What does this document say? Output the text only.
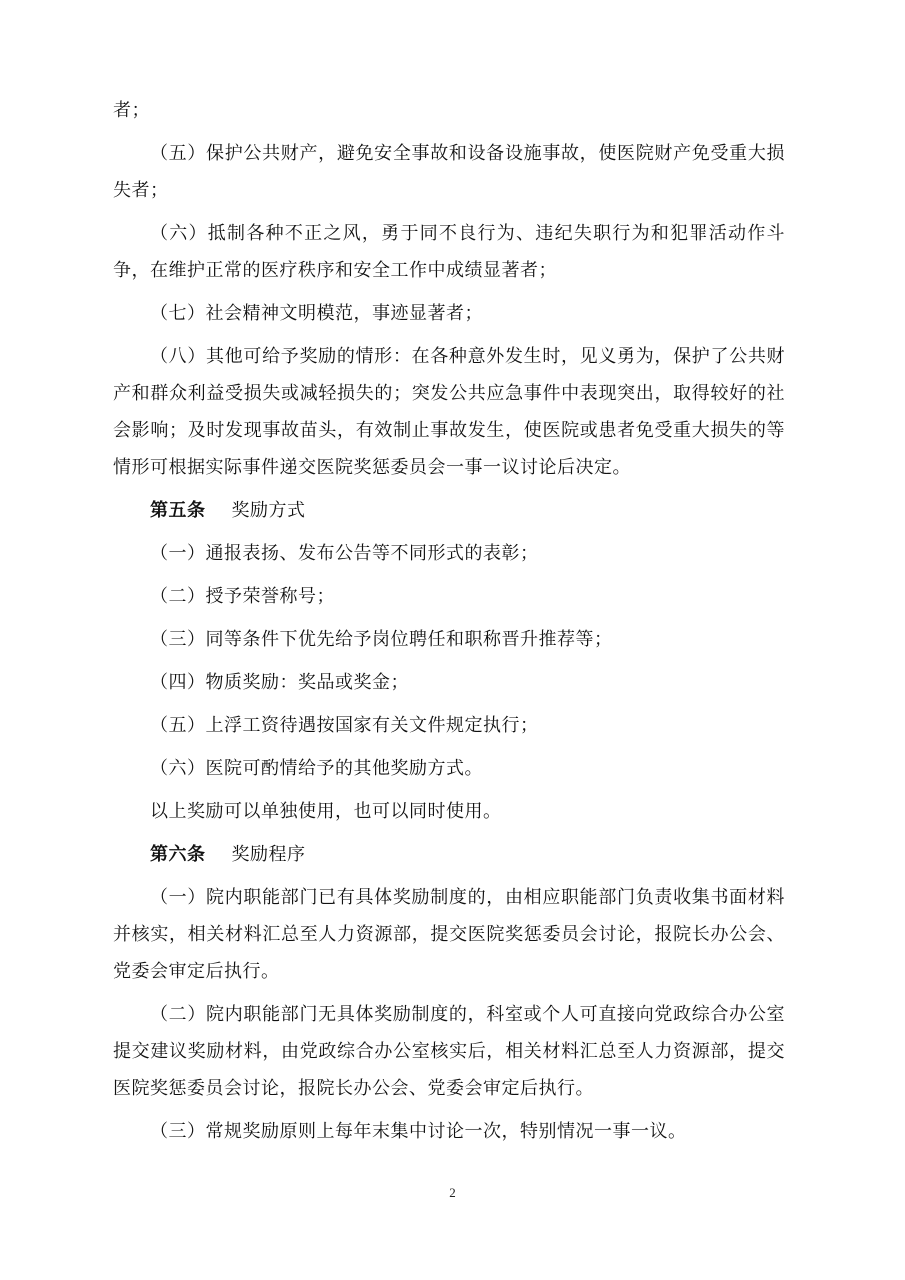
者；

（五）保护公共财产，避免安全事故和设备设施事故，使医院财产免受重大损失者；

（六）抵制各种不正之风，勇于同不良行为、违纪失职行为和犯罪活动作斗争，在维护正常的医疗秩序和安全工作中成绩显著者；

（七）社会精神文明模范，事迹显著者；

（八）其他可给予奖励的情形：在各种意外发生时，见义勇为，保护了公共财产和群众利益受损失或减轻损失的；突发公共应急事件中表现突出，取得较好的社会影响；及时发现事故苗头，有效制止事故发生，使医院或患者免受重大损失的等情形可根据实际事件递交医院奖惩委员会一事一议讨论后决定。

第五条 奖励方式

（一）通报表扬、发布公告等不同形式的表彰；

（二）授予荣誉称号；

（三）同等条件下优先给予岗位聘任和职称晋升推荐等；

（四）物质奖励：奖品或奖金；

（五）上浮工资待遇按国家有关文件规定执行；

（六）医院可酌情给予的其他奖励方式。

以上奖励可以单独使用，也可以同时使用。

第六条 奖励程序

（一）院内职能部门已有具体奖励制度的，由相应职能部门负责收集书面材料并核实，相关材料汇总至人力资源部，提交医院奖惩委员会讨论，报院长办公会、党委会审定后执行。

（二）院内职能部门无具体奖励制度的，科室或个人可直接向党政综合办公室提交建议奖励材料，由党政综合办公室核实后，相关材料汇总至人力资源部，提交医院奖惩委员会讨论，报院长办公会、党委会审定后执行。

（三）常规奖励原则上每年末集中讨论一次，特别情况一事一议。

2
